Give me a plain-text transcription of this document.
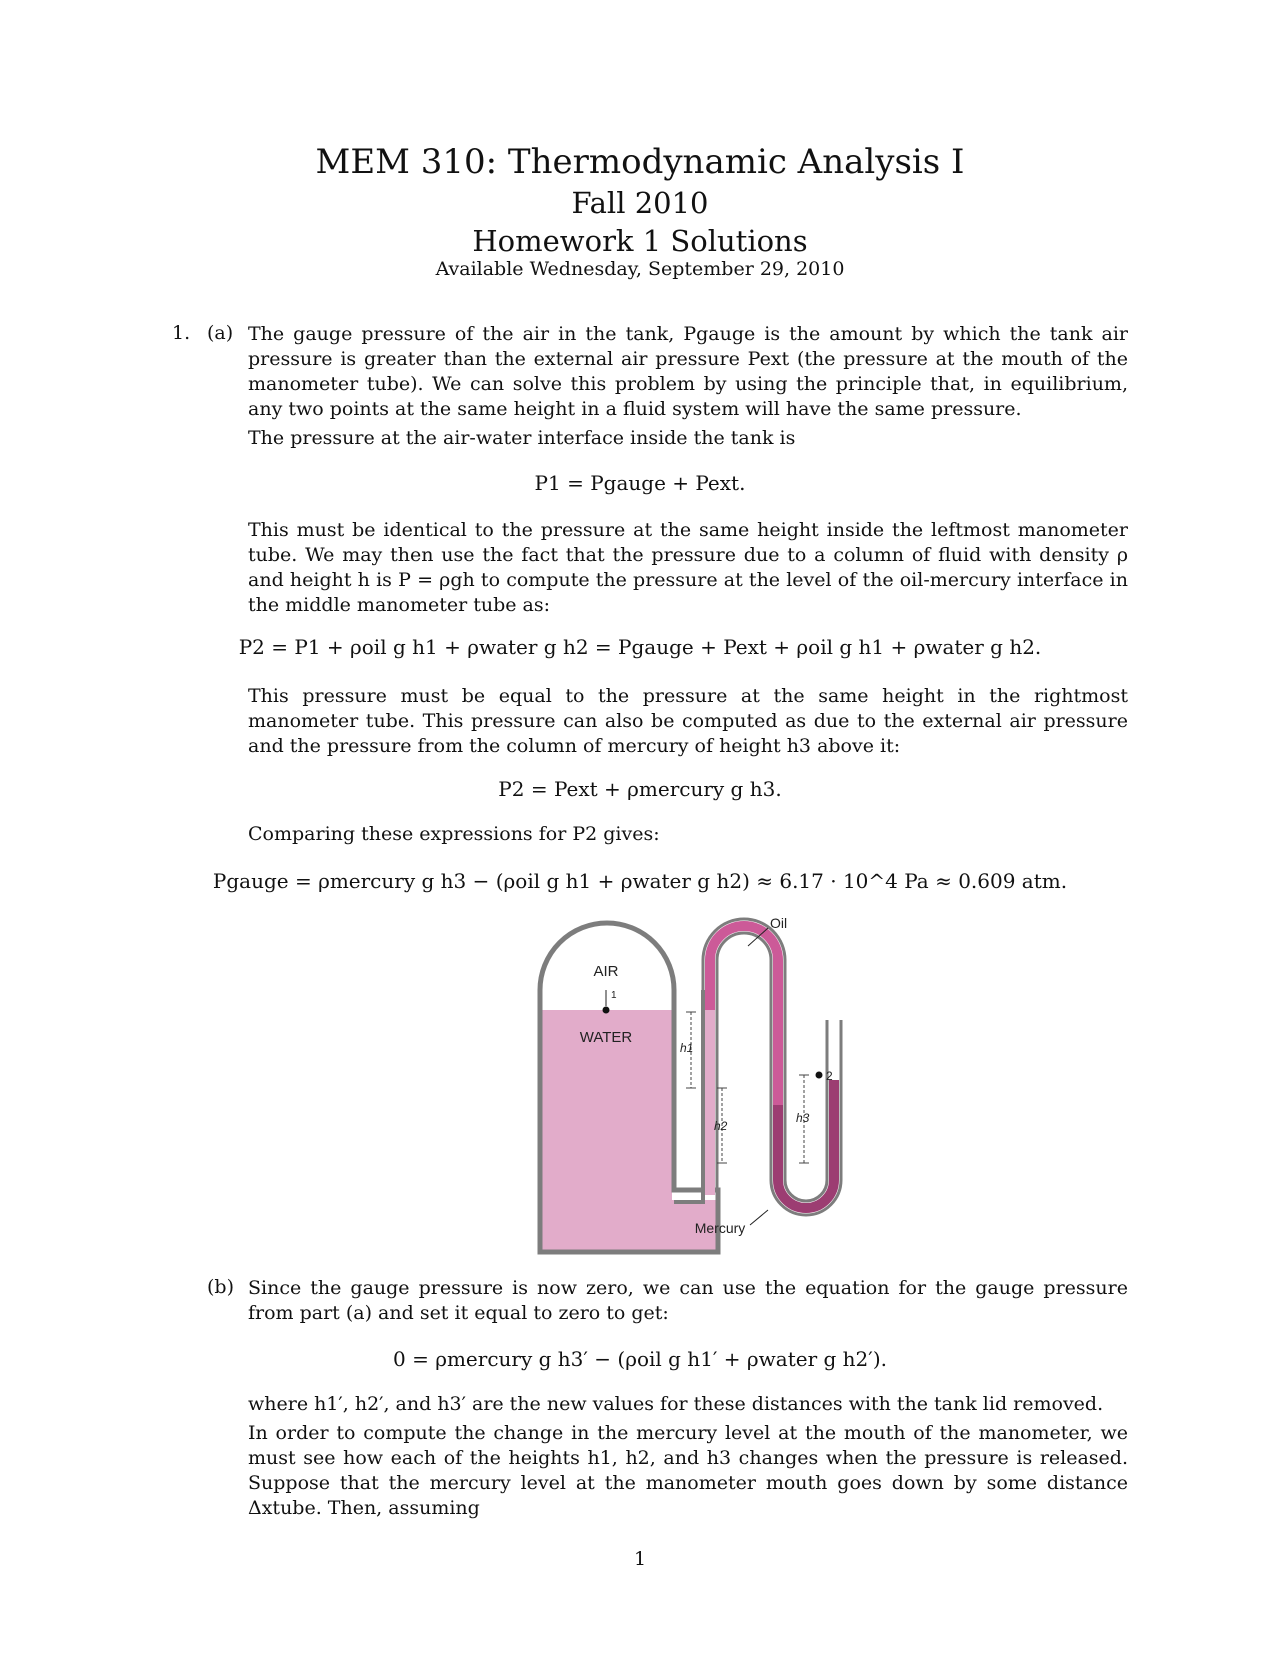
MEM 310: Thermodynamic Analysis I
Fall 2010
Homework 1 Solutions
Available Wednesday, September 29, 2010
1. (a) The gauge pressure of the air in the tank, Pgauge is the amount by which the tank air pressure is greater than the external air pressure Pext (the pressure at the mouth of the manometer tube). We can solve this problem by using the principle that, in equilibrium, any two points at the same height in a fluid system will have the same pressure.

The pressure at the air-water interface inside the tank is

P1 = Pgauge + Pext.
This must be identical to the pressure at the same height inside the leftmost manometer tube. We may then use the fact that the pressure due to a column of fluid with density ρ and height h is P = ρgh to compute the pressure at the level of the oil-mercury interface in the middle manometer tube as:
P2 = P1 + ρoil g h1 + ρwater g h2 = Pgauge + Pext + ρoil g h1 + ρwater g h2.
This pressure must be equal to the pressure at the same height in the rightmost manometer tube. This pressure can also be computed as due to the external air pressure and the pressure from the column of mercury of height h3 above it:
P2 = Pext + ρmercury g h3.
Comparing these expressions for P2 gives:
Pgauge = ρmercury g h3 − (ρoil g h1 + ρwater g h2) ≈ 6.17 · 10^4 Pa ≈ 0.609 atm.
AIR
1
WATER
h1
h2
h3
2
Oil
Mercury
(b) Since the gauge pressure is now zero, we can use the equation for the gauge pressure from part (a) and set it equal to zero to get:
0 = ρmercury g h3′ − (ρoil g h1′ + ρwater g h2′).

where h1′, h2′, and h3′ are the new values for these distances with the tank lid removed.

In order to compute the change in the mercury level at the mouth of the manometer, we must see how each of the heights h1, h2, and h3 changes when the pressure is released. Suppose that the mercury level at the manometer mouth goes down by some distance Δxtube. Then, assuming

1
